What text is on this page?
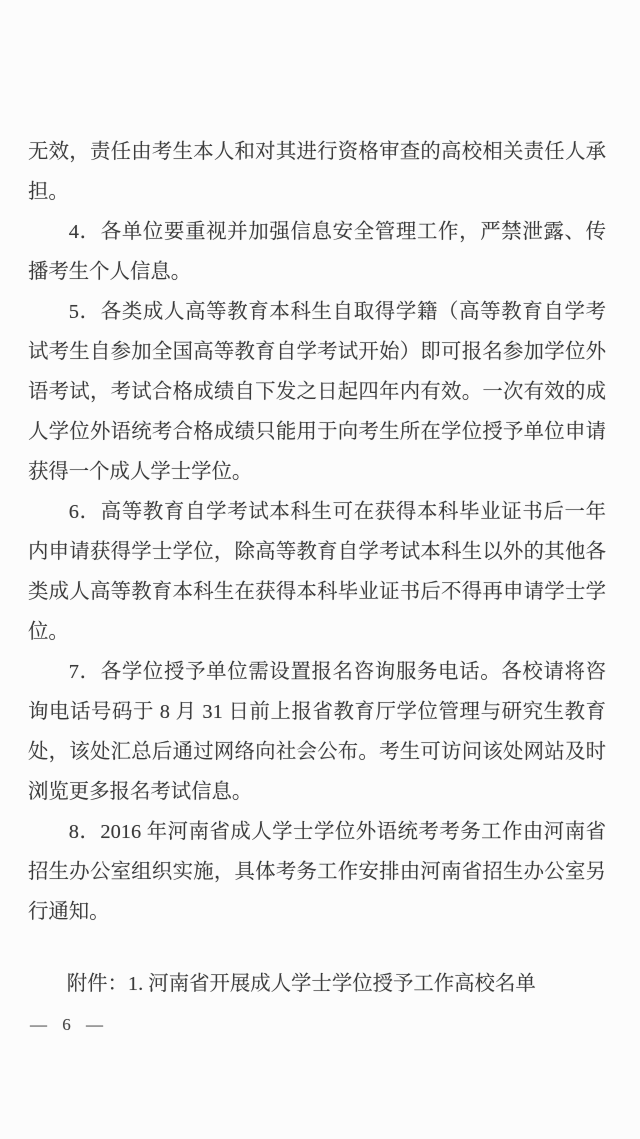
无效，责任由考生本人和对其进行资格审查的高校相关责任人承
担。
4．各单位要重视并加强信息安全管理工作，严禁泄露、传
播考生个人信息。
5．各类成人高等教育本科生自取得学籍（高等教育自学考
试考生自参加全国高等教育自学考试开始）即可报名参加学位外
语考试，考试合格成绩自下发之日起四年内有效。一次有效的成
人学位外语统考合格成绩只能用于向考生所在学位授予单位申请
获得一个成人学士学位。
6．高等教育自学考试本科生可在获得本科毕业证书后一年
内申请获得学士学位，除高等教育自学考试本科生以外的其他各
类成人高等教育本科生在获得本科毕业证书后不得再申请学士学
位。
7．各学位授予单位需设置报名咨询服务电话。各校请将咨
询电话号码于 8 月 31 日前上报省教育厅学位管理与研究生教育
处，该处汇总后通过网络向社会公布。考生可访问该处网站及时
浏览更多报名考试信息。
8．2016 年河南省成人学士学位外语统考考务工作由河南省
招生办公室组织实施，具体考务工作安排由河南省招生办公室另
行通知。
附件：1. 河南省开展成人学士学位授予工作高校名单
— 6 —
